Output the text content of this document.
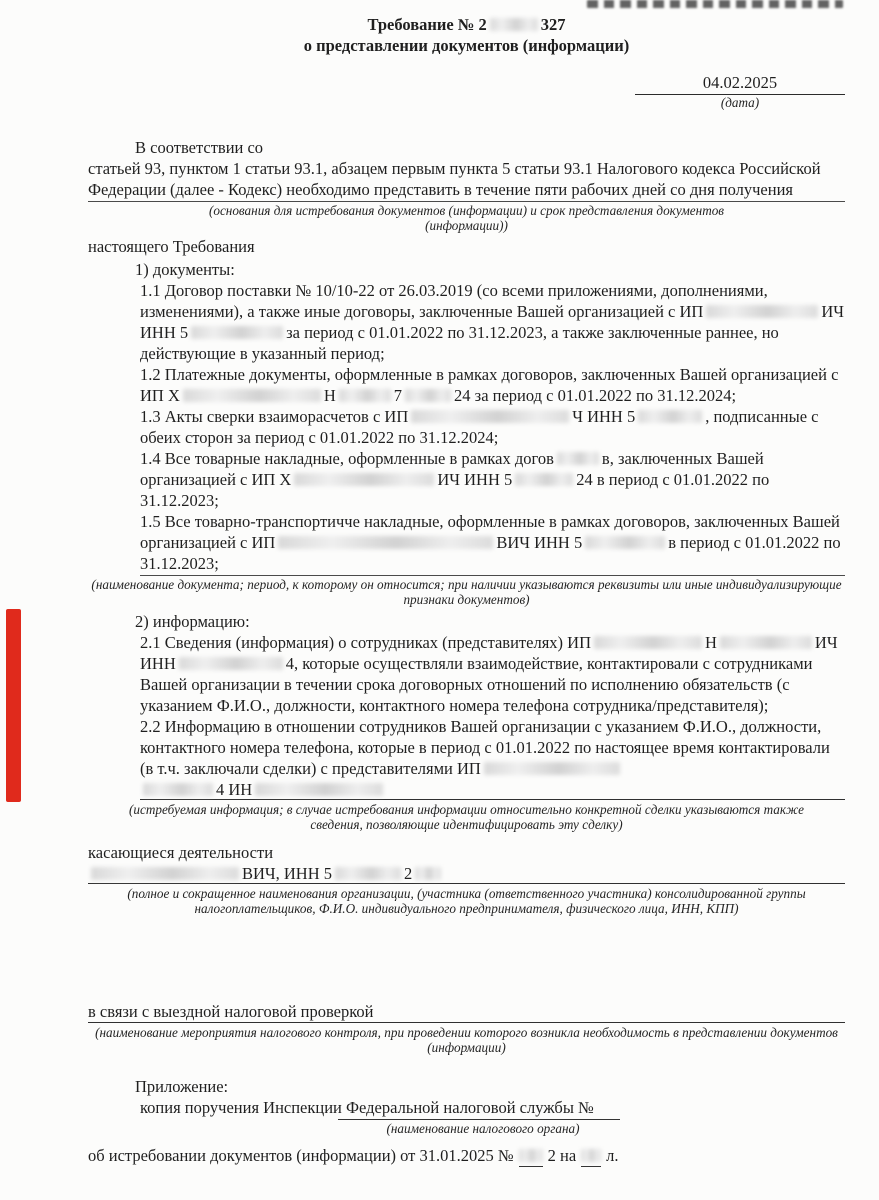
Требование № 2	327
о представлении документов (информации)
04.02.2025
(дата)

В соответствии со
статьей 93, пунктом 1 статьи 93.1, абзацем первым пункта 5 статьи 93.1 Налогового кодекса Российской Федерации (далее - Кодекс) необходимо представить в течение пяти рабочих дней со дня получения

(основания для истребования документов (информации) и срок представления документов (информации))

настоящего Требования

1) документы:

1.1 Договор поставки № 10/10-22 от 26.03.2019 (со всеми приложениями, дополнениями, изменениями), а также иные договоры, заключенные Вашей организацией с ИП	ИЧ ИНН 5	за период с 01.01.2022 по 31.12.2023, а также заключенные раннее, но действующие в указанный период;

1.2 Платежные документы, оформленные в рамках договоров, заключенных Вашей организацией с ИП Х	Н	7	24 за период с 01.01.2022 по 31.12.2024;

1.3 Акты сверки взаиморасчетов с ИП	Ч ИНН 5	, подписанные с обеих сторон за период с 01.01.2022 по 31.12.2024;

1.4 Все товарные накладные, оформленные в рамках догов	в, заключенных Вашей организацией с ИП Х	ИЧ ИНН 5	24 в период с 01.01.2022 по 31.12.2023;

1.5 Все товарно-транспортичче накладные, оформленные в рамках договоров, заключенных Вашей организацией с ИП	ВИЧ ИНН 5	в период с 01.01.2022 по 31.12.2023;

(наименование документа; период, к которому он относится; при наличии указываются реквизиты или иные индивидуализирующие признаки документов)

2) информацию:

2.1 Сведения (информация) о сотрудниках (представителях) ИП	Н	ИЧ ИНН	4, которые осуществляли взаимодействие, контактировали с сотрудниками Вашей организации в течении срока договорных отношений по исполнению обязательств (с указанием Ф.И.О., должности, контактного номера телефона сотрудника/представителя);

2.2 Информацию в отношении сотрудников Вашей организации с указанием Ф.И.О., должности, контактного номера телефона, которые в период с 01.01.2022 по настоящее время контактировали (в т.ч. заключали сделки) с представителями ИП

4 ИН
(истребуемая информация; в случае истребования информации относительно конкретной сделки указываются также сведения, позволяющие идентифицировать эту сделку)

касающиеся деятельности

ВИЧ, ИНН 5	2
(полное и сокращенное наименования организации, (участника (ответственного участника) консолидированной группы налогоплательщиков, Ф.И.О. индивидуального предпринимателя, физического лица, ИНН, КПП)

в связи с выездной налоговой проверкой

(наименование мероприятия налогового контроля, при проведении которого возникла необходимость в представлении документов (информации)

Приложение:

копия поручения Инспекции Федеральной налоговой службы №

(наименование налогового органа)

об истребовании документов (информации) от 31.01.2025 № 2 на л.
